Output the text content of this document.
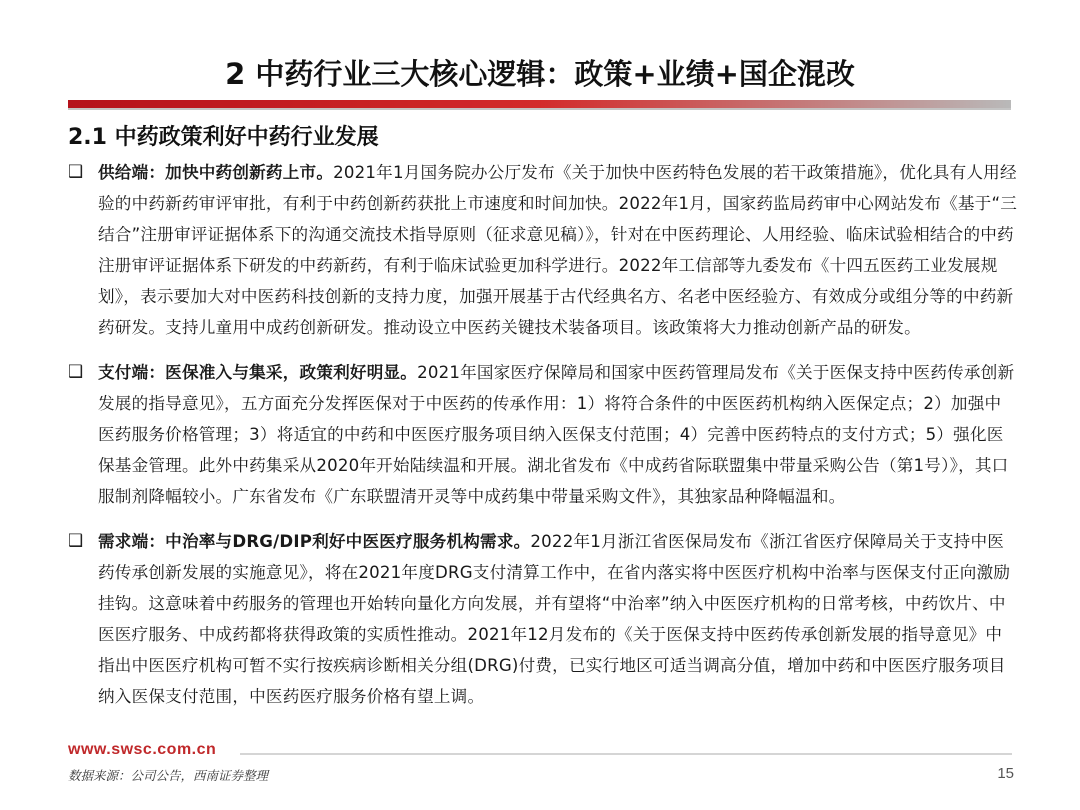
2 中药行业三大核心逻辑：政策+业绩+国企混改
2.1 中药政策利好中药行业发展
❑ 供给端：加快中药创新药上市。2021年1月国务院办公厅发布《关于加快中医药特色发展的若干政策措施》，优化具有人用经验的中药新药审评审批，有利于中药创新药获批上市速度和时间加快。2022年1月，国家药监局药审中心网站发布《基于“三结合”注册审评证据体系下的沟通交流技术指导原则（征求意见稿）》，针对在中医药理论、人用经验、临床试验相结合的中药注册审评证据体系下研发的中药新药，有利于临床试验更加科学进行。2022年工信部等九委发布《十四五医药工业发展规划》，表示要加大对中医药科技创新的支持力度，加强开展基于古代经典名方、名老中医经验方、有效成分或组分等的中药新药研发。支持儿童用中成药创新研发。推动设立中医药关键技术装备项目。该政策将大力推动创新产品的研发。
❑ 支付端：医保准入与集采，政策利好明显。2021年国家医疗保障局和国家中医药管理局发布《关于医保支持中医药传承创新发展的指导意见》，五方面充分发挥医保对于中医药的传承作用：1）将符合条件的中医医药机构纳入医保定点；2）加强中医药服务价格管理；3）将适宜的中药和中医医疗服务项目纳入医保支付范围；4）完善中医药特点的支付方式；5）强化医保基金管理。此外中药集采从2020年开始陆续温和开展。湖北省发布《中成药省际联盟集中带量采购公告（第1号）》，其口服制剂降幅较小。广东省发布《广东联盟清开灵等中成药集中带量采购文件》，其独家品种降幅温和。
❑ 需求端：中治率与DRG/DIP利好中医医疗服务机构需求。2022年1月浙江省医保局发布《浙江省医疗保障局关于支持中医药传承创新发展的实施意见》，将在2021年度DRG支付清算工作中，在省内落实将中医医疗机构中治率与医保支付正向激励挂钩。这意味着中药服务的管理也开始转向量化方向发展，并有望将“中治率”纳入中医医疗机构的日常考核，中药饮片、中医医疗服务、中成药都将获得政策的实质性推动。2021年12月发布的《关于医保支持中医药传承创新发展的指导意见》中指出中医医疗机构可暂不实行按疾病诊断相关分组(DRG)付费，已实行地区可适当调高分值，增加中药和中医医疗服务项目纳入医保支付范围，中医药医疗服务价格有望上调。
www.swsc.com.cn
数据来源：公司公告，西南证券整理	15
